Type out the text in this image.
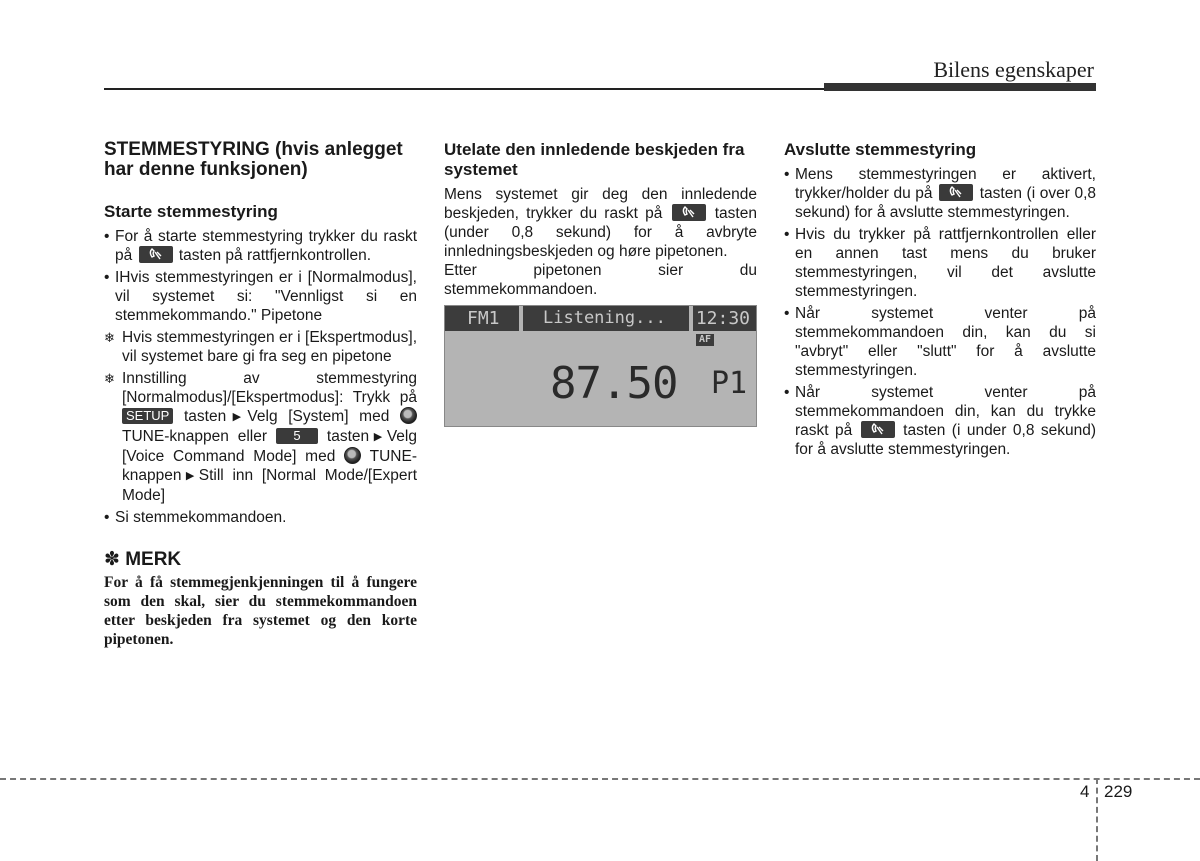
Bilens egenskaper
STEMMESTYRING (hvis anlegget har denne funksjonen)
Starte stemmestyring
• For å starte stemmestyring trykker du raskt på	tasten på rattfjernkontrollen.
• IHvis stemmestyringen er i [Normalmodus], vil systemet si: "Vennligst si en stemmekommando." Pipetone
❄ Hvis stemmestyringen er i [Ekspertmodus], vil systemet bare gi fra seg en pipetone
❄ Innstilling av stemmestyring [Normalmodus]/[Ekspertmodus]: Trykk på SETUP tasten▶Velg [System] med  TUNE-knappen eller 5 tasten▶Velg [Voice Command Mode] med TUNE-knappen▶Still inn [Normal Mode/[Expert Mode]
• Si stemmekommandoen.
✽ MERK

For å få stemmegjenkjenningen til å fungere som den skal, sier du stemmekommandoen etter beskjeden fra systemet og den korte pipetonen.

Utelate den innledende beskjeden fra systemet

Mens systemet gir deg den innledende beskjeden, trykker du raskt på	tasten (under 0,8 sekund) for å avbryte innledningsbeskjeden og høre pipetonen.

Etter pipetonen sier du stemmekommandoen.

FM1	Listening... 12:30
AF
87.50 P1
Avslutte stemmestyring
• Mens stemmestyringen er aktivert, trykker/holder du på	tasten (i over 0,8 sekund) for å avslutte stemmestyringen.
• Hvis du trykker på rattfjernkontrollen eller en annen tast mens du bruker stemmestyringen, vil det avslutte stemmestyringen.
• Når systemet venter på stemmekommandoen din, kan du si "avbryt" eller "slutt" for å avslutte stemmestyringen.
• Når systemet venter på stemmekommandoen din, kan du trykke raskt på	tasten (i under 0,8 sekund) for å avslutte stemmestyringen.
4 229
